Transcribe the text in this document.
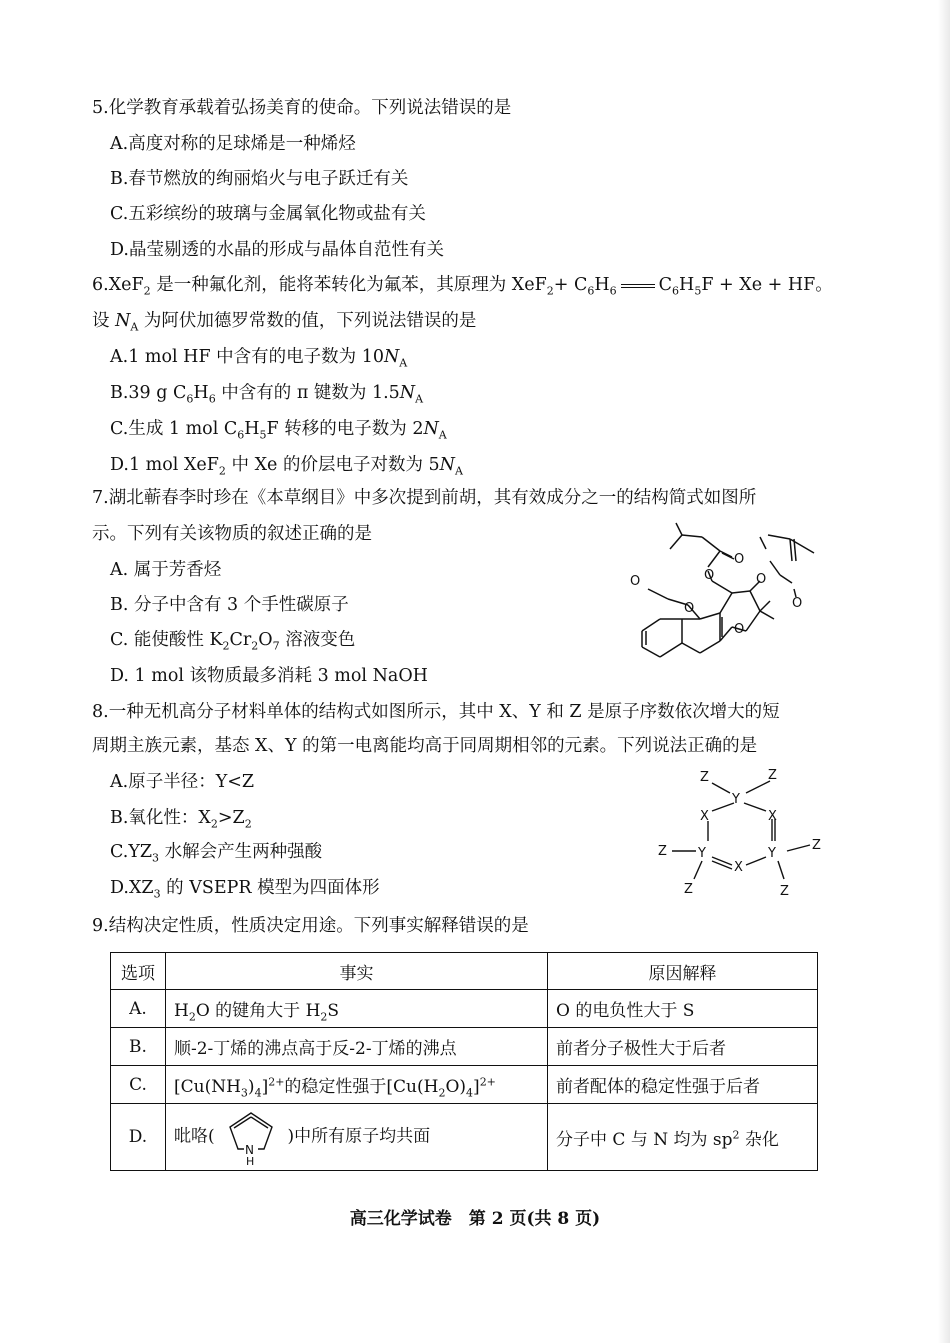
5.化学教育承载着弘扬美育的使命。下列说法错误的是
A.高度对称的足球烯是一种烯烃
B.春节燃放的绚丽焰火与电子跃迁有关
C.五彩缤纷的玻璃与金属氧化物或盐有关
D.晶莹剔透的水晶的形成与晶体自范性有关
6.XeF$_2$ 是一种氟化剂，能将苯转化为氟苯，其原理为 $XeF_2+ C_6H_6$ $C_6H_5F + Xe$ + HF。
设 $N_A$ 为阿伏加德罗常数的值，下列说法错误的是
A.1 mol HF 中含有的电子数为 $10N_A$
B.39 g $C_6H_6$ 中含有的 π 键数为 $1.5N_A$
C.生成 1 mol $C_6H_5F$ 转移的电子数为 $2N_A$
D.1 mol XeF$_2$ 中 Xe 的价层电子对数为 $5N_A$
7.湖北蕲春李时珍在《本草纲目》中多次提到前胡，其有效成分之一的结构简式如图所
示。下列有关该物质的叙述正确的是
A. 属于芳香烃
B. 分子中含有 3 个手性碳原子
C. 能使酸性 $K_2Cr_2O_7$ 溶液变色
D. 1 mol 该物质最多消耗 3 mol NaOH
O	O
O
O
O
O
O
8.一种无机高分子材料单体的结构式如图所示，其中 X、Y 和 Z 是原子序数依次增大的短
周期主族元素，基态 X、Y 的第一电离能均高于同周期相邻的元素。下列说法正确的是
A.原子半径：Y<Z
B.氧化性：$X_2>Z_2$
$C.YZ_3$ 水解会产生两种强酸
$D.XZ_3$ 的 VSEPR 模型为四面体形
Z	Z
Y
X	X
Z Y	Y
Z
X
Z	Z
9.结构决定性质，性质决定用途。下列事实解释错误的是
选项	事实	原因解释
A.	$H_2O$ 的键角大于 $H_2S$	O 的电负性大于 S
B.	顺-2-丁烯的沸点高于反-2-丁烯的沸点	前者分子极性大于后者
C.	$[Cu(NH_3)_4]^{2+}$的稳定性强于$[Cu(H_2O)_4]^{2+}$	前者配体的稳定性强于后者
D.	吡咯(
N
H
)中所有原子均共面	分子中 C 与 N 均为 $sp^2$ 杂化
高三化学试卷　第 2 页(共 8 页)
